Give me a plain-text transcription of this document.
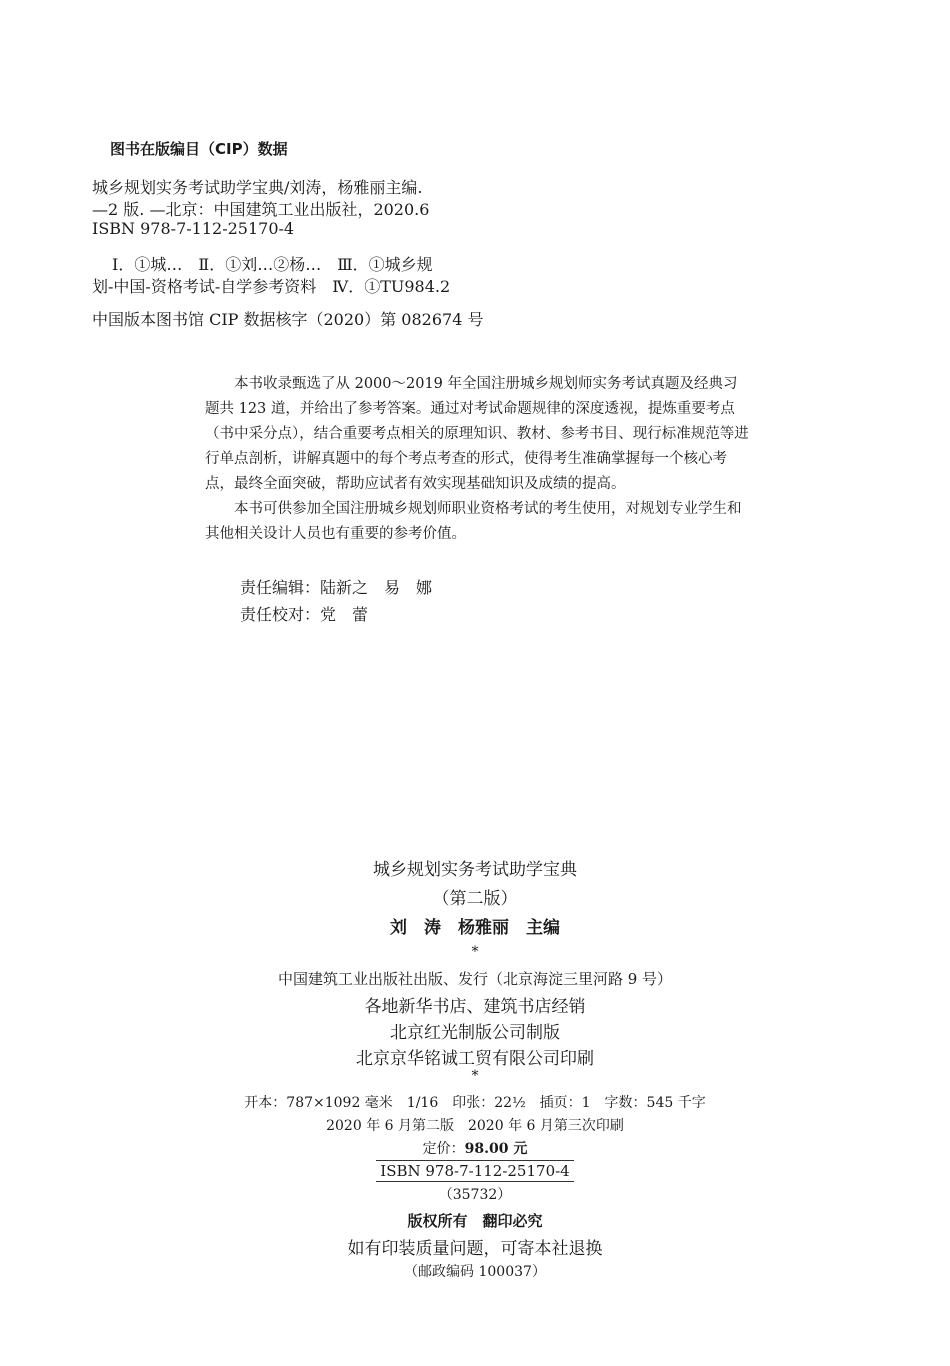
图书在版编目（CIP）数据
城乡规划实务考试助学宝典/刘涛，杨雅丽主编.
—2 版. —北京：中国建筑工业出版社，2020.6
ISBN 978-7-112-25170-4
Ⅰ．①城…　Ⅱ．①刘…②杨…　Ⅲ．①城乡规
划-中国-资格考试-自学参考资料　Ⅳ．①TU984.2
中国版本图书馆 CIP 数据核字（2020）第 082674 号

本书收录甄选了从 2000～2019 年全国注册城乡规划师实务考试真题及经典习题共 123 道，并给出了参考答案。通过对考试命题规律的深度透视，提炼重要考点（书中采分点），结合重要考点相关的原理知识、教材、参考书目、现行标准规范等进行单点剖析，讲解真题中的每个考点考查的形式，使得考生准确掌握每一个核心考点，最终全面突破，帮助应试者有效实现基础知识及成绩的提高。

本书可供参加全国注册城乡规划师职业资格考试的考生使用，对规划专业学生和其他相关设计人员也有重要的参考价值。

责任编辑：陆新之　易　娜
责任校对：党　蕾
城乡规划实务考试助学宝典
（第二版）
刘　涛　杨雅丽　主编
*
中国建筑工业出版社出版、发行（北京海淀三里河路 9 号）
各地新华书店、建筑书店经销
北京红光制版公司制版
北京京华铭诚工贸有限公司印刷
*
开本：787×1092 毫米　1/16　印张：22½　插页：1　字数：545 千字
2020 年 6 月第二版　2020 年 6 月第三次印刷
定价：98.00 元
ISBN 978-7-112-25170-4
（35732）
版权所有　翻印必究
如有印装质量问题，可寄本社退换
（邮政编码 100037）
